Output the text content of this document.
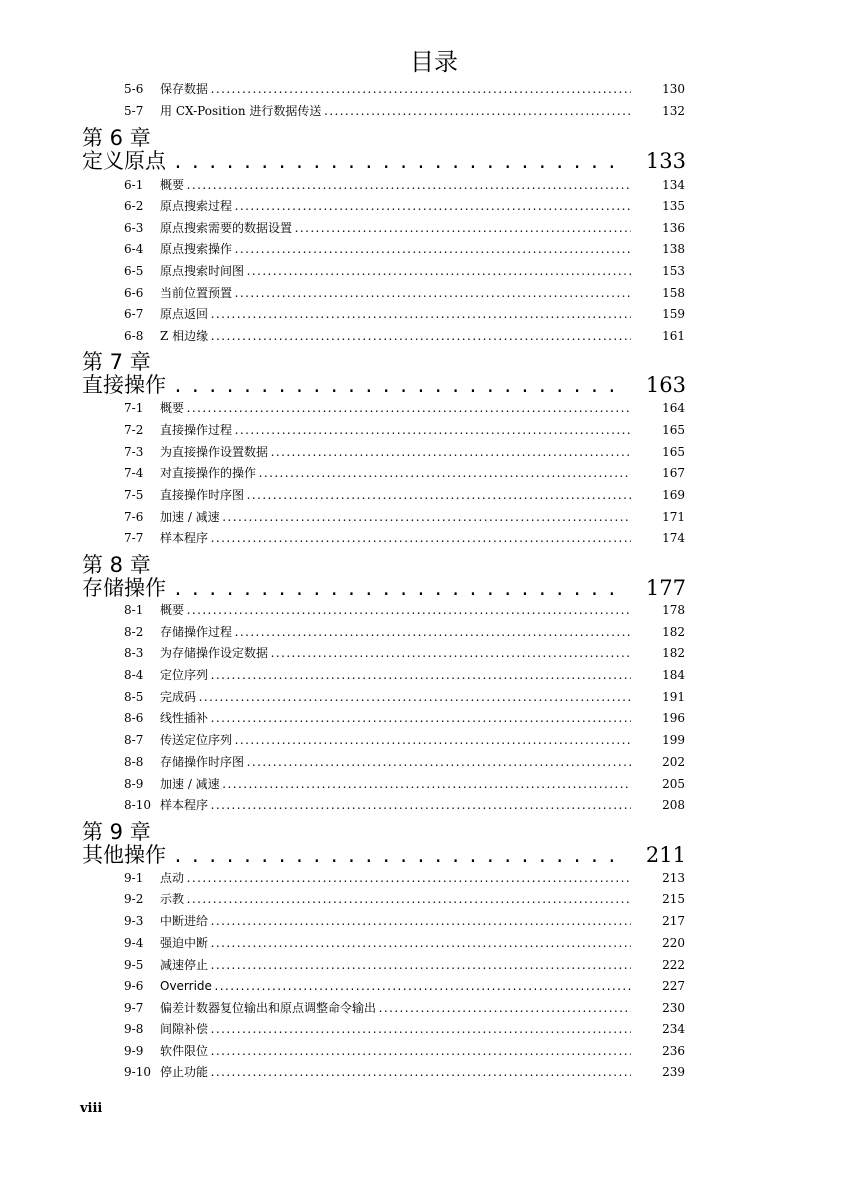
目录
5-6 保存数据 . . .	130
5-7 用 CX-Position 进行数据传送 . . .	132
第 6 章
定义原点 . . .	133
6-1 概要 . . .	134
6-2 原点搜索过程 . . .	135
6-3 原点搜索需要的数据设置 . . .	136
6-4 原点搜索操作 . . .	138
6-5 原点搜索时间图 . . .	153
6-6 当前位置预置 . . .	158
6-7 原点返回 . . .	159
6-8 Z 相边缘 . . .	161
第 7 章
直接操作 . . .	163
7-1 概要 . . .	164
7-2 直接操作过程 . . .	165
7-3 为直接操作设置数据 . . .	165
7-4 对直接操作的操作 . . .	167
7-5 直接操作时序图 . . .	169
7-6 加速 / 减速 . . .	171
7-7 样本程序 . . .	174
第 8 章
存储操作 . . .	177
8-1 概要 . . .	178
8-2 存储操作过程 . . .	182
8-3 为存储操作设定数据 . . .	182
8-4 定位序列 . . .	184
8-5 完成码 . . .	191
8-6 线性插补 . . .	196
8-7 传送定位序列 . . .	199
8-8 存储操作时序图 . . .	202
8-9 加速 / 减速 . . .	205
8-10 样本程序 . . .	208
第 9 章
其他操作 . . .	211
9-1 点动 . . .	213
9-2 示教 . . .	215
9-3 中断进给 . . .	217
9-4 强迫中断 . . .	220
9-5 减速停止 . . .	222
9-6 Override . . .	227
9-7 偏差计数器复位输出和原点调整命令输出 . . .	230
9-8 间隙补偿 . . .	234
9-9 软件限位 . . .	236
9-10 停止功能 . . .	239
viii
